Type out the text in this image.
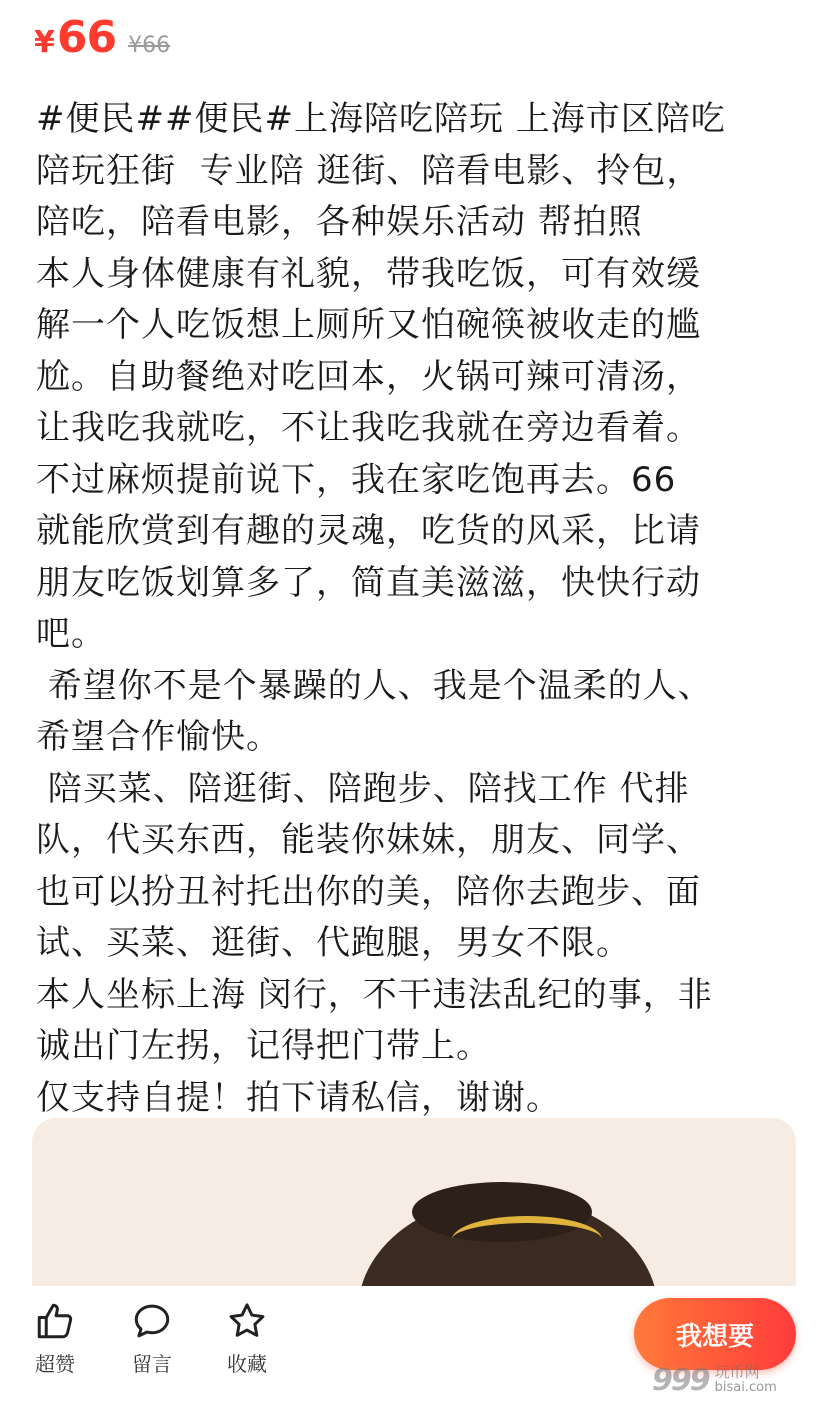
¥ 66 ¥66
#便民##便民#上海陪吃陪玩 上海市区陪吃
陪玩狂街  专业陪 逛街、陪看电影、拎包，
陪吃，陪看电影，各种娱乐活动 帮拍照
本人身体健康有礼貌，带我吃饭，可有效缓
解一个人吃饭想上厕所又怕碗筷被收走的尴
尬。自助餐绝对吃回本，火锅可辣可清汤，
让我吃我就吃，不让我吃我就在旁边看着。
不过麻烦提前说下，我在家吃饱再去。66
就能欣赏到有趣的灵魂，吃货的风采，比请
朋友吃饭划算多了，简直美滋滋，快快行动
吧。
希望你不是个暴躁的人、我是个温柔的人、
希望合作愉快。
陪买菜、陪逛街、陪跑步、陪找工作 代排
队，代买东西，能装你妹妹，朋友、同学、
也可以扮丑衬托出你的美，陪你去跑步、面
试、买菜、逛街、代跑腿，男女不限。
本人坐标上海 闵行，不干违法乱纪的事，非
诚出门左拐，记得把门带上。
仅支持自提！拍下请私信，谢谢。
超赞	留言	收藏
我想要
999 玩币网
bisai.com
